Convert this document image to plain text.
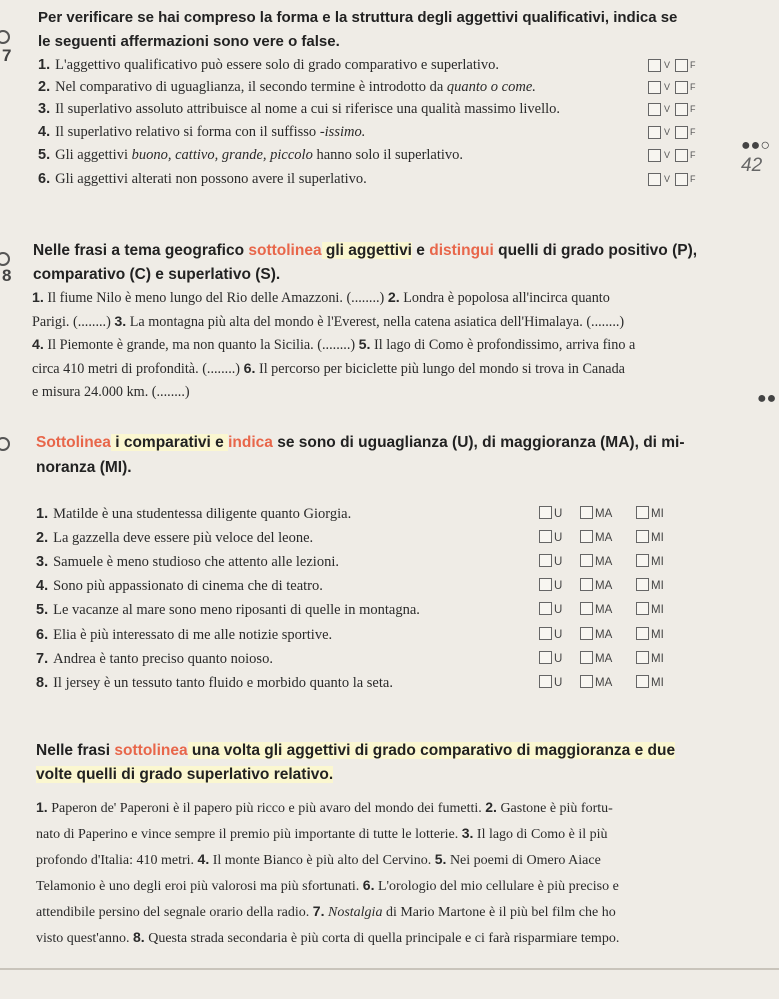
7
Per verificare se hai compreso la forma e la struttura degli aggettivi qualificativi, indica se
le seguenti affermazioni sono vere o false.
1. L'aggettivo qualificativo può essere solo di grado comparativo e superlativo.	V F
2. Nel comparativo di uguaglianza, il secondo termine è introdotto da quanto o come.	V F
3. Il superlativo assoluto attribuisce al nome a cui si riferisce una qualità massimo livello.	V F
4. Il superlativo relativo si forma con il suffisso -issimo.	V F
5. Gli aggettivi buono, cattivo, grande, piccolo hanno solo il superlativo.	V F
6. Gli aggettivi alterati non possono avere il superlativo.	V F
●●○
42
8
Nelle frasi a tema geografico sottolinea gli aggettivi e distingui quelli di grado positivo (P),
comparativo (C) e superlativo (S).
1. Il fiume Nilo è meno lungo del Rio delle Amazzoni. (........) 2. Londra è popolosa all'incirca quanto
Parigi. (........) 3. La montagna più alta del mondo è l'Everest, nella catena asiatica dell'Himalaya. (........)
4. Il Piemonte è grande, ma non quanto la Sicilia. (........) 5. Il lago di Como è profondissimo, arriva fino a
circa 410 metri di profondità. (........) 6. Il percorso per biciclette più lungo del mondo si trova in Canada
e misura 24.000 km. (........)	●●
Sottolinea i comparativi e indica se sono di uguaglianza (U), di maggioranza (MA), di mi-
noranza (MI).
1. Matilde è una studentessa diligente quanto Giorgia.	U	MA	MI
2. La gazzella deve essere più veloce del leone.	U	MA	MI
3. Samuele è meno studioso che attento alle lezioni.	U	MA	MI
4. Sono più appassionato di cinema che di teatro.	U	MA	MI
5. Le vacanze al mare sono meno riposanti di quelle in montagna.	U	MA	MI
6. Elia è più interessato di me alle notizie sportive.	U	MA	MI
7. Andrea è tanto preciso quanto noioso.	U	MA	MI
8. Il jersey è un tessuto tanto fluido e morbido quanto la seta.	U	MA	MI
Nelle frasi sottolinea una volta gli aggettivi di grado comparativo di maggioranza e due
volte quelli di grado superlativo relativo.
1. Paperon de' Paperoni è il papero più ricco e più avaro del mondo dei fumetti. 2. Gastone è più fortu-
nato di Paperino e vince sempre il premio più importante di tutte le lotterie. 3. Il lago di Como è il più
profondo d'Italia: 410 metri. 4. Il monte Bianco è più alto del Cervino. 5. Nei poemi di Omero Aiace
Telamonio è uno degli eroi più valorosi ma più sfortunati. 6. L'orologio del mio cellulare è più preciso e
attendibile persino del segnale orario della radio. 7. Nostalgia di Mario Martone è il più bel film che ho
visto quest'anno. 8. Questa strada secondaria è più corta di quella principale e ci farà risparmiare tempo.
